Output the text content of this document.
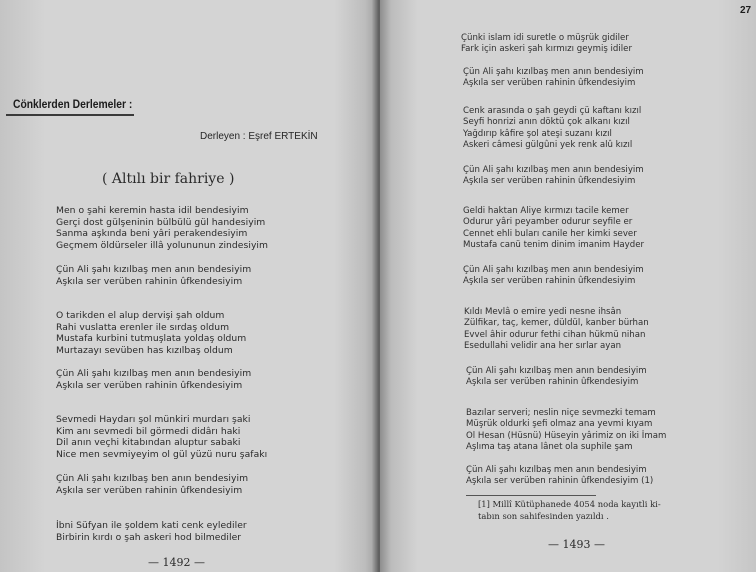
Cönklerden Derlemeler :
Derleyen : Eşref ERTEKİN
( Altılı bir fahriye )
Men o şahi keremin hasta idil bendesiyim
Gerçi dost gülşeninin bülbülü gül handesiyim
Sanma aşkında beni yâri perakendesiyim
Geçmem öldürseler illâ yolununun zindesiyim
Çün Ali şahı kızılbaş men anın bendesiyim
Aşkıla ser verüben rahinin ûfkendesiyim
O tarikden el alup dervişi şah oldum
Rahi vuslatta erenler ile sırdaş oldum
Mustafa kurbini tutmuşlata yoldaş oldum
Murtazayı sevüben has kızılbaş oldum
Çün Ali şahı kızılbaş men anın bendesiyim
Aşkıla ser verüben rahinin ûfkendesiyim
Sevmedi Haydarı şol münkiri murdarı şaki
Kim anı sevmedi bil görmedi didârı haki
Dil anın veçhi kitabından aluptur sabaki
Nice men sevmiyeyim ol gül yüzü nuru şafakı
Çün Ali şahı kızılbaş ben anın bendesiyim
Aşkıla ser verüben rahinin ûfkendesiyim
İbni Süfyan ile şoldem kati cenk eylediler
Birbirin kırdı o şah askeri hod bilmediler
— 1492 —
27
Çünki islam idi suretle o müşrük gidiler
Fark için askeri şah kırmızı geymiş idiler
Çün Ali şahı kızılbaş men anın bendesiyim
Aşkıla ser verüben rahinin ûfkendesiyim
Cenk arasında o şah geydi çü kaftanı kızıl
Seyfi honrizi anın döktü çok alkanı kızıl
Yağdırıp kâfire şol ateşi suzanı kızıl
Askeri câmesi gülgûni yek renk alû kızıl
Çün Ali şahı kızılbaş men anın bendesiyim
Aşkıla ser verüben rahinin ûfkendesiyim
Geldi haktan Aliye kırmızı tacile kemer
Odurur yâri peyamber odurur seyfile er
Cennet ehli buları canile her kimki sever
Mustafa canü tenim dinim imanim Hayder
Çün Ali şahı kızılbaş men anın bendesiyim
Aşkıla ser verüben rahinin ûfkendesiyim
Kıldı Mevlâ o emire yedi nesne ihsân
Zülfikar, taç, kemer, düldül, kanber bürhan
Evvel âhir odurur fethi cihan hükmü nihan
Esedullahi velidir ana her sırlar ayan
Çün Ali şahı kızılbaş men anın bendesiyim
Aşkıla ser verüben rahinin ûfkendesiyim
Bazılar serveri; neslin niçe sevmezki temam
Müşrük oldurki şefi olmaz ana yevmi kıyam
Ol Hesan (Hüsnü) Hüseyin yârimiz on iki İmam
Aşlıma taş atana lânet ola suphile şam
Çün Ali şahı kızılbaş men anın bendesiyim
Aşkıla ser verüben rahinin ûfkendesiyim (1)
[1] Millî Kütüphanede 4054 noda kayıtli ki-
tabın son sahifesinden yazıldı .
— 1493 —
